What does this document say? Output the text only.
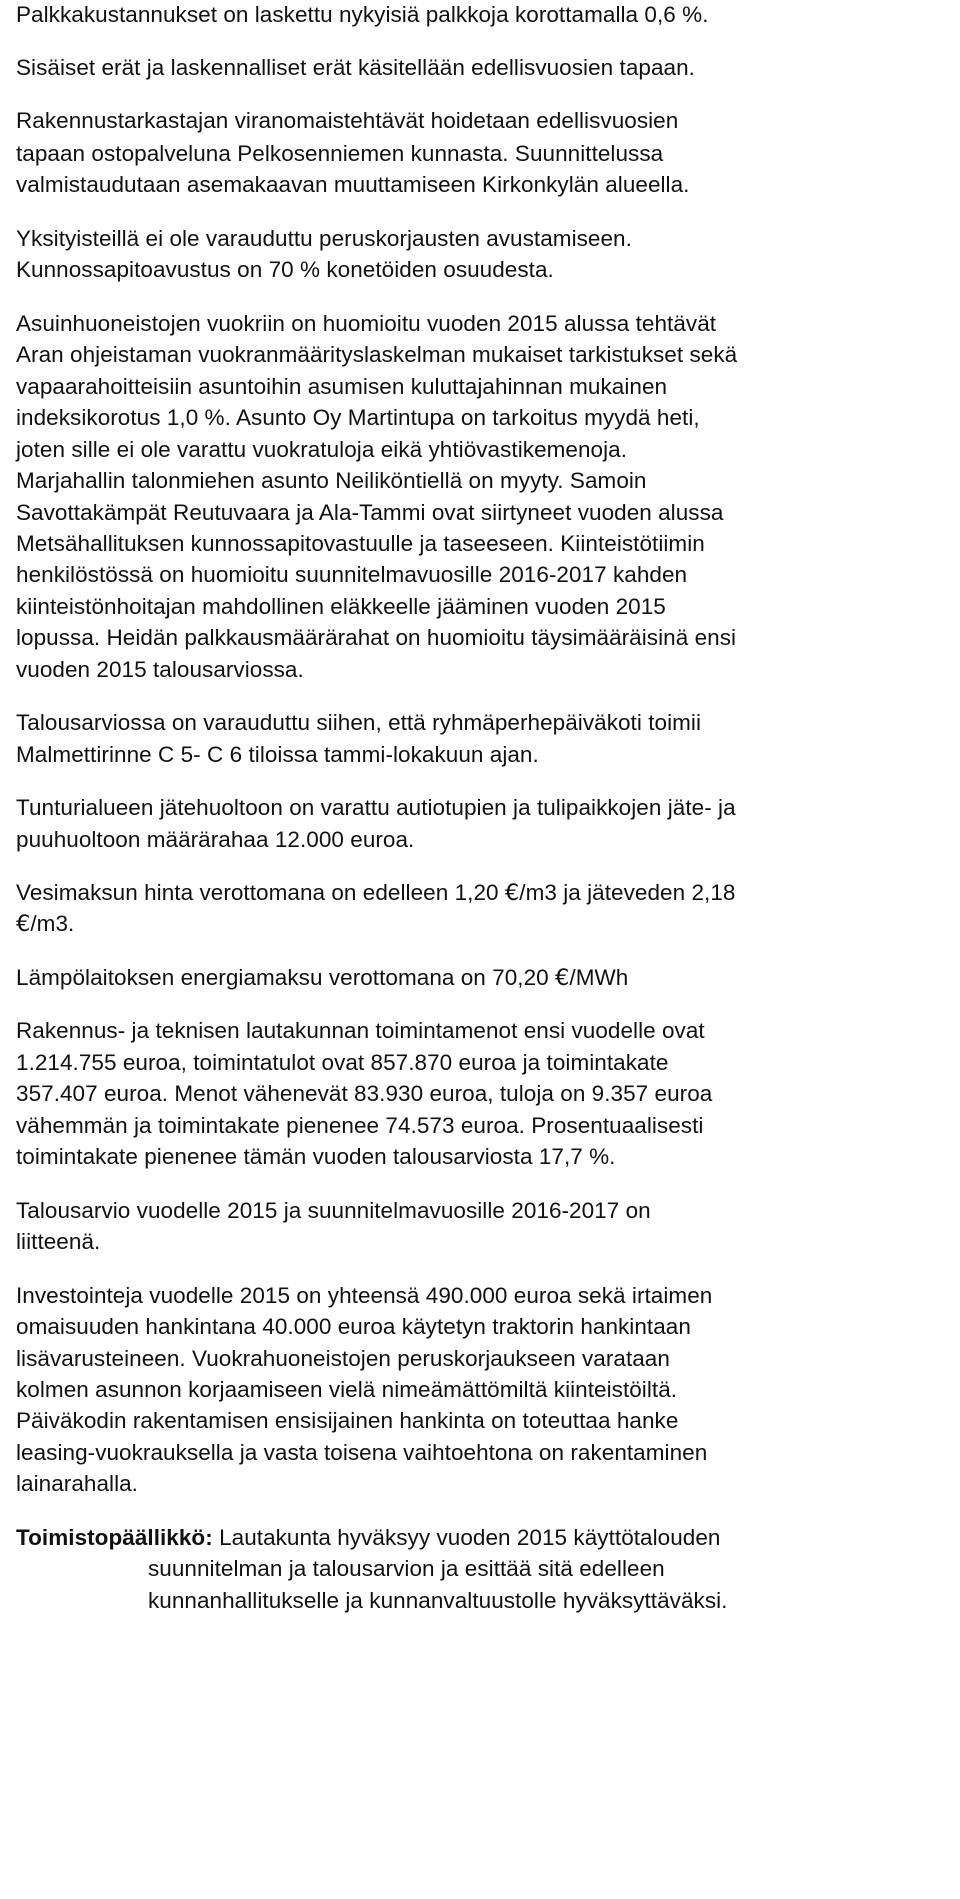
Palkkakustannukset on laskettu nykyisiä palkkoja korottamalla 0,6 %.
Sisäiset erät ja laskennalliset erät käsitellään edellisvuosien tapaan.
Rakennustarkastajan viranomaistehtävät hoidetaan edellisvuosien
tapaan ostopalveluna Pelkosenniemen kunnasta. Suunnittelussa
valmistaudutaan asemakaavan muuttamiseen Kirkonkylän alueella.
Yksityisteillä ei ole varauduttu peruskorjausten avustamiseen.
Kunnossapitoavustus on 70 % konetöiden osuudesta.
Asuinhuoneistojen vuokriin on huomioitu vuoden 2015 alussa tehtävät
Aran ohjeistaman vuokranmäärityslaskelman mukaiset tarkistukset sekä
vapaarahoitteisiin asuntoihin asumisen kuluttajahinnan mukainen
indeksikorotus 1,0 %. Asunto Oy Martintupa on tarkoitus myydä heti,
joten sille ei ole varattu vuokratuloja eikä yhtiövastikemenoja.
Marjahallin talonmiehen asunto Neiliköntiellä on myyty. Samoin
Savottakämpät Reutuvaara ja Ala-Tammi ovat siirtyneet vuoden alussa
Metsähallituksen kunnossapitovastuulle ja taseeseen. Kiinteistötiimin
henkilöstössä on huomioitu suunnitelmavuosille 2016-2017 kahden
kiinteistönhoitajan mahdollinen eläkkeelle jääminen vuoden 2015
lopussa. Heidän palkkausmäärärahat on huomioitu täysimääräisinä ensi
vuoden 2015 talousarviossa.
Talousarviossa on varauduttu siihen, että ryhmäperhepäiväkoti toimii
Malmettirinne C 5- C 6 tiloissa tammi-lokakuun ajan.
Tunturialueen jätehuoltoon on varattu autiotupien ja tulipaikkojen jäte- ja
puuhuoltoon määrärahaa 12.000 euroa.
Vesimaksun hinta verottomana on edelleen 1,20 €/m3 ja jäteveden 2,18
€/m3.
Lämpölaitoksen energiamaksu verottomana on 70,20 €/MWh
Rakennus- ja teknisen lautakunnan toimintamenot ensi vuodelle ovat
1.214.755 euroa, toimintatulot ovat 857.870 euroa ja toimintakate
357.407 euroa. Menot vähenevät 83.930 euroa, tuloja on 9.357 euroa
vähemmän ja toimintakate pienenee 74.573 euroa. Prosentuaalisesti
toimintakate pienenee tämän vuoden talousarviosta 17,7 %.
Talousarvio vuodelle 2015 ja suunnitelmavuosille 2016-2017 on
liitteenä.
Investointeja vuodelle 2015 on yhteensä 490.000 euroa sekä irtaimen
omaisuuden hankintana 40.000 euroa käytetyn traktorin hankintaan
lisävarusteineen. Vuokrahuoneistojen peruskorjaukseen varataan
kolmen asunnon korjaamiseen vielä nimeämättömiltä kiinteistöiltä.
Päiväkodin rakentamisen ensisijainen hankinta on toteuttaa hanke
leasing-vuokrauksella ja vasta toisena vaihtoehtona on rakentaminen
lainarahalla.
Toimistopäällikkö: Lautakunta hyväksyy vuoden 2015 käyttötalouden
suunnitelman ja talousarvion ja esittää sitä edelleen
kunnanhallitukselle ja kunnanvaltuustolle hyväksyttäväksi.
